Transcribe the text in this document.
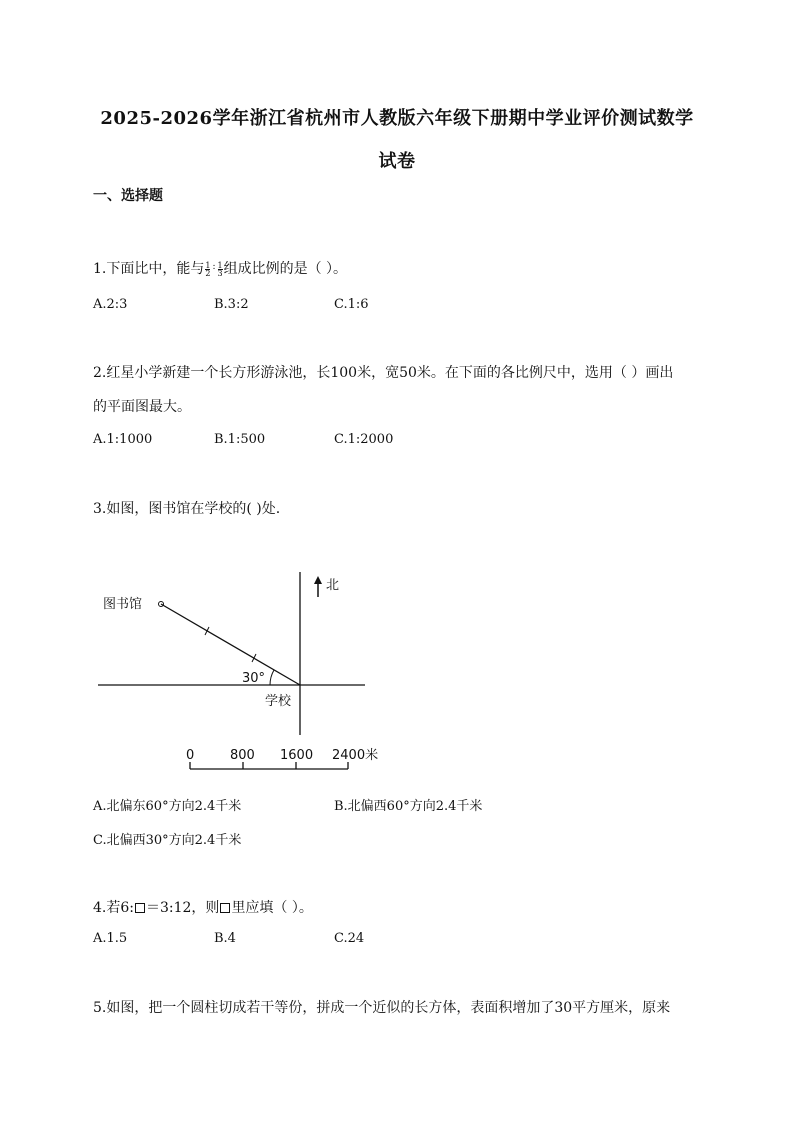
2025-2026学年浙江省杭州市人教版六年级下册期中学业评价测试数学
试卷
一、选择题
1.下面比中，能与 $\frac{1}{2}$ : $\frac{1}{3}$ 组成比例的是（ ）。
A.2:3	B.3:2	C.1:6
2.红星小学新建一个长方形游泳池，长100米，宽50米。在下面的各比例尺中，选用（ ）画出
的平面图最大。
A.1:1000	B.1:500	C.1:2000
3.如图，图书馆在学校的( )处.
北
图书馆
30°
学校
0	800 1600 2400米
A.北偏东60°方向2.4千米	B.北偏西60°方向2.4千米
C.北偏西30°方向2.4千米
4.若6: ＝3:12，则 里应填（ ）。
A.1.5	B.4	C.24
5.如图，把一个圆柱切成若干等份，拼成一个近似的长方体，表面积增加了30平方厘米，原来
